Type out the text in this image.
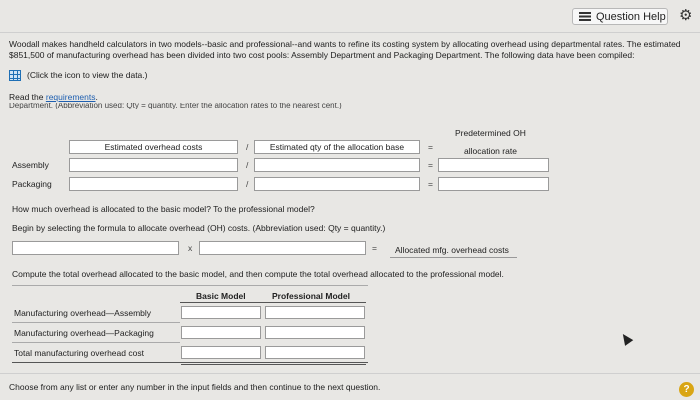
Question Help ⚙
Woodall makes handheld calculators in two models--basic and professional--and wants to refine its costing system by allocating overhead using departmental rates. The estimated $851,500 of manufacturing overhead has been divided into two cost pools: Assembly Department and Packaging Department. The following data have been compiled:
(Click the icon to view the data.)
Read the requirements.
Department. (Abbreviation used: Qty = quantity. Enter the allocation rates to the nearest cent.)
Predetermined OH
allocation rate
Estimated overhead costs	/	Estimated qty of the allocation base	=
Assembly	/	=
Packaging	/	=
How much overhead is allocated to the basic model? To the professional model?
Begin by selecting the formula to allocate overhead (OH) costs. (Abbreviation used: Qty = quantity.)
x	= Allocated mfg. overhead costs
Compute the total overhead allocated to the basic model, and then compute the total overhead allocated to the professional model.
Basic Model	Professional Model
Manufacturing overhead—Assembly
Manufacturing overhead—Packaging
Total manufacturing overhead cost
Choose from any list or enter any number in the input fields and then continue to the next question.	?
